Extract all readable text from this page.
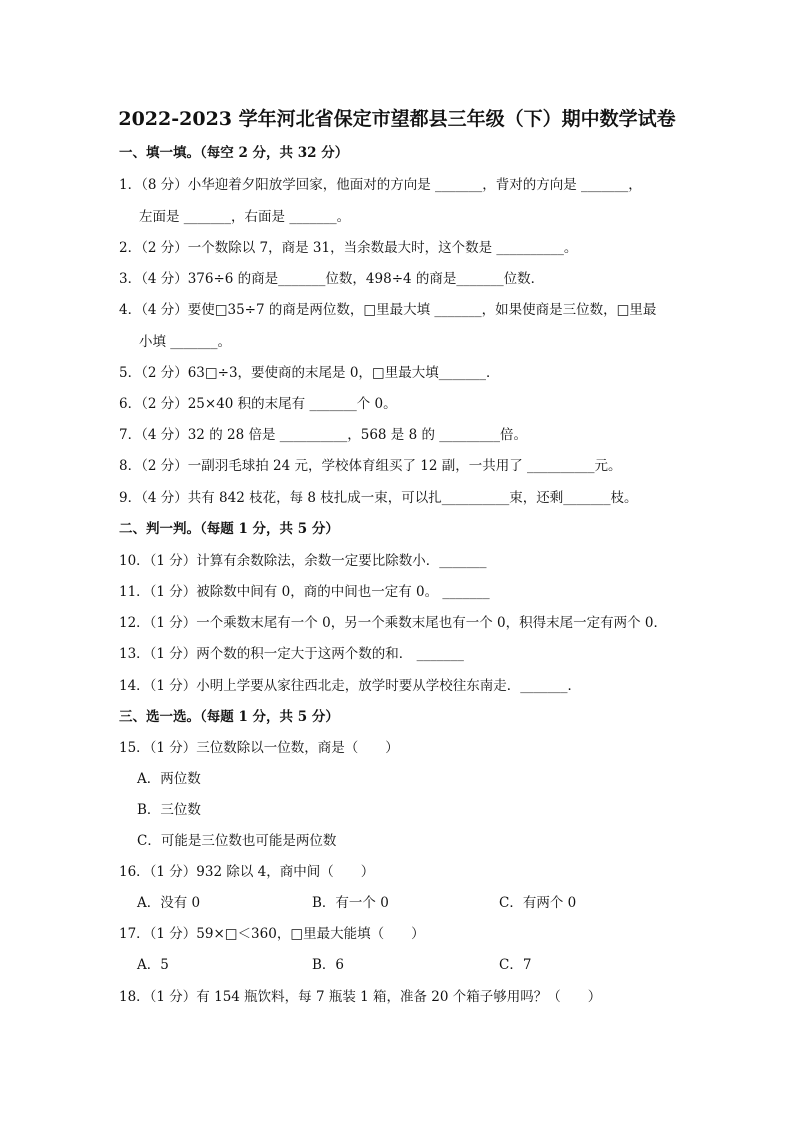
2022-2023 学年河北省保定市望都县三年级（下）期中数学试卷
一、填一填。（每空 2 分，共 32 分）
1．（8 分）小华迎着夕阳放学回家，他面对的方向是 _______，背对的方向是 _______，
左面是 _______，右面是 _______。
2．（2 分）一个数除以 7，商是 31，当余数最大时，这个数是 __________。
3．（4 分）376÷6 的商是_______位数，498÷4 的商是_______位数．
4．（4 分）要使□35÷7 的商是两位数，□里最大填 _______，如果使商是三位数，□里最
小填 _______。
5．（2 分）63□÷3，要使商的末尾是 0，□里最大填_______．
6．（2 分）25×40 积的末尾有 _______个 0。
7．（4 分）32 的 28 倍是 __________，568 是 8 的 _________倍。
8．（2 分）一副羽毛球拍 24 元，学校体育组买了 12 副，一共用了 __________元。
9．（4 分）共有 842 枝花，每 8 枝扎成一束，可以扎__________束，还剩_______枝。
二、判一判。（每题 1 分，共 5 分）
10．（1 分）计算有余数除法，余数一定要比除数小．_______
11．（1 分）被除数中间有 0，商的中间也一定有 0。 _______
12．（1 分）一个乘数末尾有一个 0，另一个乘数末尾也有一个 0，积得末尾一定有两个 0．
13．（1 分）两个数的积一定大于这两个数的和． _______
14．（1 分）小明上学要从家往西北走，放学时要从学校往东南走．_______．
三、选一选。（每题 1 分，共 5 分）
15．（1 分）三位数除以一位数，商是（　　）
A．两位数
B．三位数
C．可能是三位数也可能是两位数
16．（1 分）932 除以 4，商中间（　　）
A．没有 0	B．有一个 0	C．有两个 0
17．（1 分）59×□＜360，□里最大能填（　　）
A．5	B．6	C．7
18．（1 分）有 154 瓶饮料，每 7 瓶装 1 箱，准备 20 个箱子够用吗？（　　）
